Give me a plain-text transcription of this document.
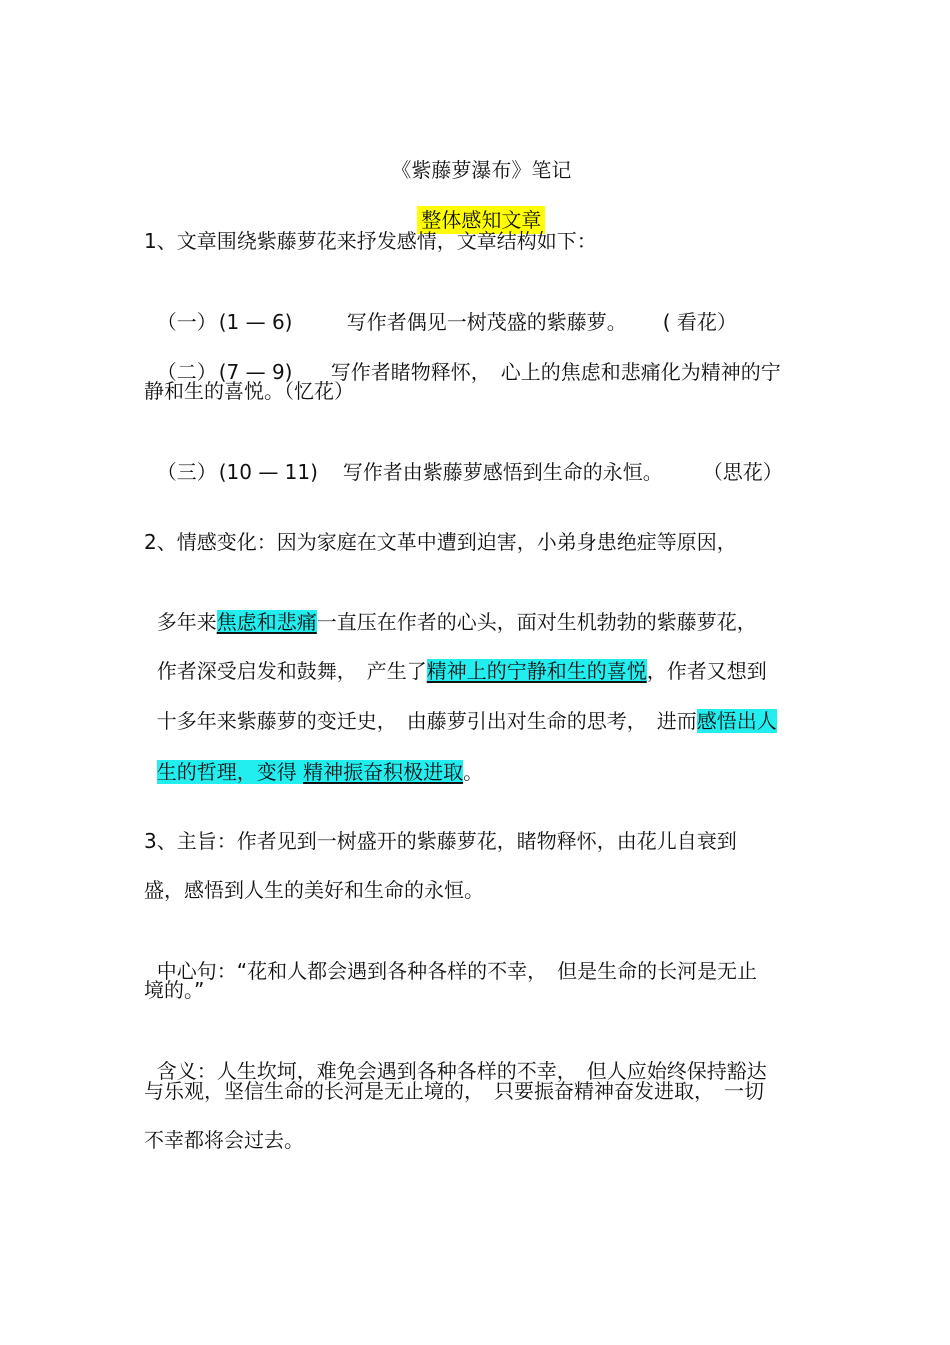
《紫藤萝瀑布》笔记

整体感知文章

1、文章围绕紫藤萝花来抒发感情，文章结构如下：

（一） (1 — 6)	写作者偶见一树茂盛的紫藤萝。 ( 看花）

（二） (7 — 9) 写作者睹物释怀，　心上的焦虑和悲痛化为精神的宁

静和生的喜悦。（忆花）

（三） (10 — 11) 写作者由紫藤萝感悟到生命的永恒。 （思花）

2、情感变化：因为家庭在文革中遭到迫害，小弟身患绝症等原因，

多年来焦虑和悲痛一直压在作者的心头，面对生机勃勃的紫藤萝花，

作者深受启发和鼓舞，　产生了精神上的宁静和生的喜悦，作者又想到

十多年来紫藤萝的变迁史，　由藤萝引出对生命的思考，　进而感悟出人

生的哲理，变得 精神振奋积极进取。

3、主旨：作者见到一树盛开的紫藤萝花，睹物释怀，由花儿自衰到
盛，感悟到人生的美好和生命的永恒。

中心句：“花和人都会遇到各种各样的不幸，　但是生命的长河是无止

境的。”

含义：人生坎坷，难免会遇到各种各样的不幸，　但人应始终保持豁达

与乐观，坚信生命的长河是无止境的，　只要振奋精神奋发进取，　一切
不幸都将会过去。
